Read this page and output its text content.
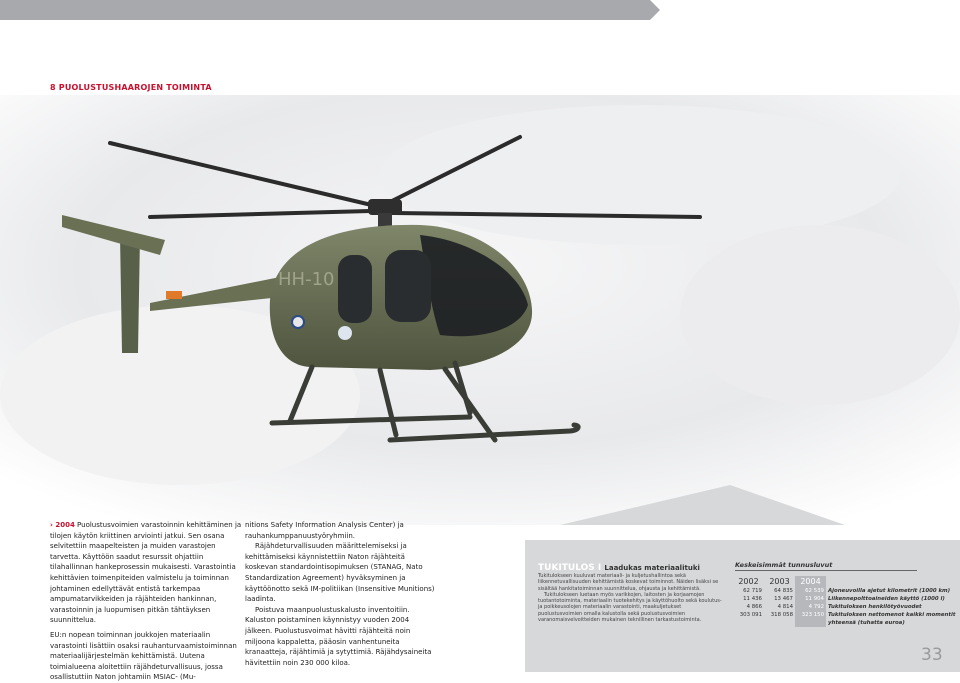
8 PUOLUSTUSHAAROJEN TOIMINTA
HH-10

› 2004 Puolustusvoimien varastoinnin kehittäminen ja tilojen käytön kriittinen arviointi jatkui. Sen osana selvitettiin maapelteisten ja muiden varastojen tarvetta. Käyttöön saadut resurssit ohjattiin tilahallinnan hankeprosessin mukaisesti. Varastointia kehittävien toimenpiteiden valmistelu ja toiminnan johtaminen edellyttävät entistä tarkempaa ampumatarvikkeiden ja räjähteiden hankinnan, varastoinnin ja luopumisen pitkän tähtäyksen suunnittelua.

EU:n nopean toiminnan joukkojen materiaalin varastointi lisättiin osaksi rauhanturvaamistoiminnan materiaalijärjestelmän kehittämistä. Uutena toimialueena aloitettiin räjähdeturvallisuus, jossa osallistuttiin Naton johtamiin MSIAC- (Mu-

nitions Safety Information Analysis Center) ja rauhankumppanuustyöryhmiin.

Räjähdeturvallisuuden määrittelemiseksi ja kehittämiseksi käynnistettiin Naton räjähteitä koskevan standardointisopimuksen (STANAG, Nato Standardization Agreement) hyväksyminen ja käyttöönotto sekä IM-politiikan (Insensitive Munitions) laadinta.

Poistuva maanpuolustuskalusto inventoitiin. Kaluston poistaminen käynnistyy vuoden 2004 jälkeen. Puolustusvoimat hävitti räjähteitä noin miljoona kappaletta, pääosin vanhentuneita kranaatteja, räjähtimiä ja sytyttimiä. Räjähdysaineita hävitettiin noin 230 000 kiloa.

TUKITULOS I Laadukas materiaalituki

Tukitulokseen kuuluvat materiaali- ja kuljetushallintoa sekä liikennetuvallisuuden kehittämistä koskevat toiminnot. Näiden lisäksi se sisältää hankitatoiminnan suunnittelua, ohjausta ja kehittämistä.

Tukitulokseen luetaan myös varikkojen, laitosten ja korjaamojen tuotantotoiminta, materiaalin tuotekehitys ja käyttöhuolto sekä koulutus- ja poikkeusolojen materiaalin varastointi, maakuljetukset puolustusvoimien omalla kalustolla sekä puolustusvoimien varanomaisvelvoitteiden mukainen teknillinen tarkastustoiminta.

Keskeisimmät tunnusluvut
2002	2003	2004	
62 719	64 835	62 539	Ajoneuvoilla ajetut kilometrit (1000 km)
11 436	13 467	11 904	Liikennepolttoaineiden käyttö (1000 l)
4 866	4 814	4 792	Tukituloksen henkilötyövuodet
303 091	318 058	323 150	Tukituloksen nettomenot kaikki momentit
			yhteensä (tuhatta euroa)
33
